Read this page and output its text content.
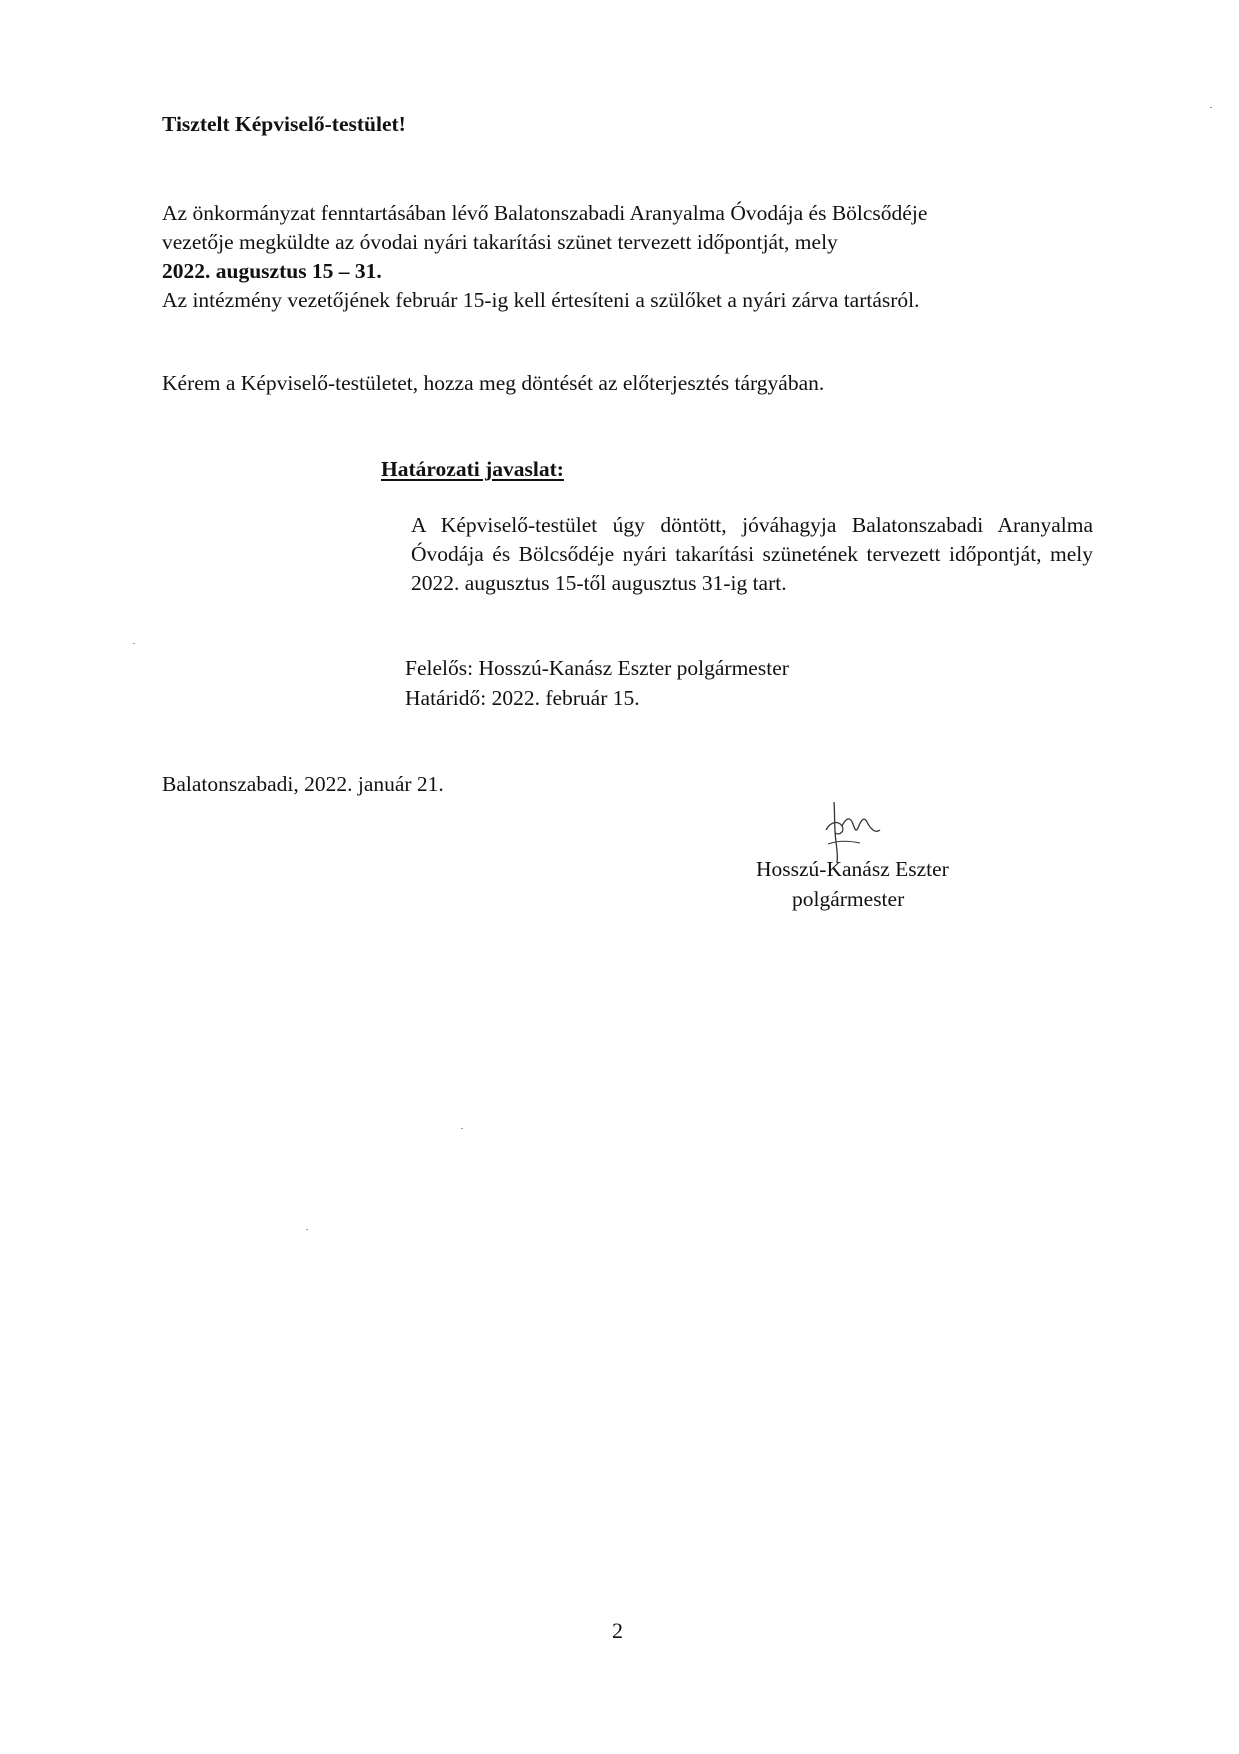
Tisztelt Képviselő-testület!

Az önkormányzat fenntartásában lévő Balatonszabadi Aranyalma Óvodája és Bölcsődéje

vezetője megküldte az óvodai nyári takarítási szünet tervezett időpontját, mely

2022. augusztus 15 – 31.

Az intézmény vezetőjének február 15-ig kell értesíteni a szülőket a nyári zárva tartásról.

Kérem a Képviselő-testületet, hozza meg döntését az előterjesztés tárgyában.
Határozati javaslat:
A Képviselő-testület úgy döntött, jóváhagyja Balatonszabadi Aranyalma Óvodája és Bölcsődéje nyári takarítási szünetének tervezett időpontját, mely 2022. augusztus 15-től augusztus 31-ig tart.
Felelős: Hosszú-Kanász Eszter polgármester
Határidő: 2022. február 15.
Balatonszabadi, 2022. január 21.
Hosszú-Kanász Eszter
polgármester
2
